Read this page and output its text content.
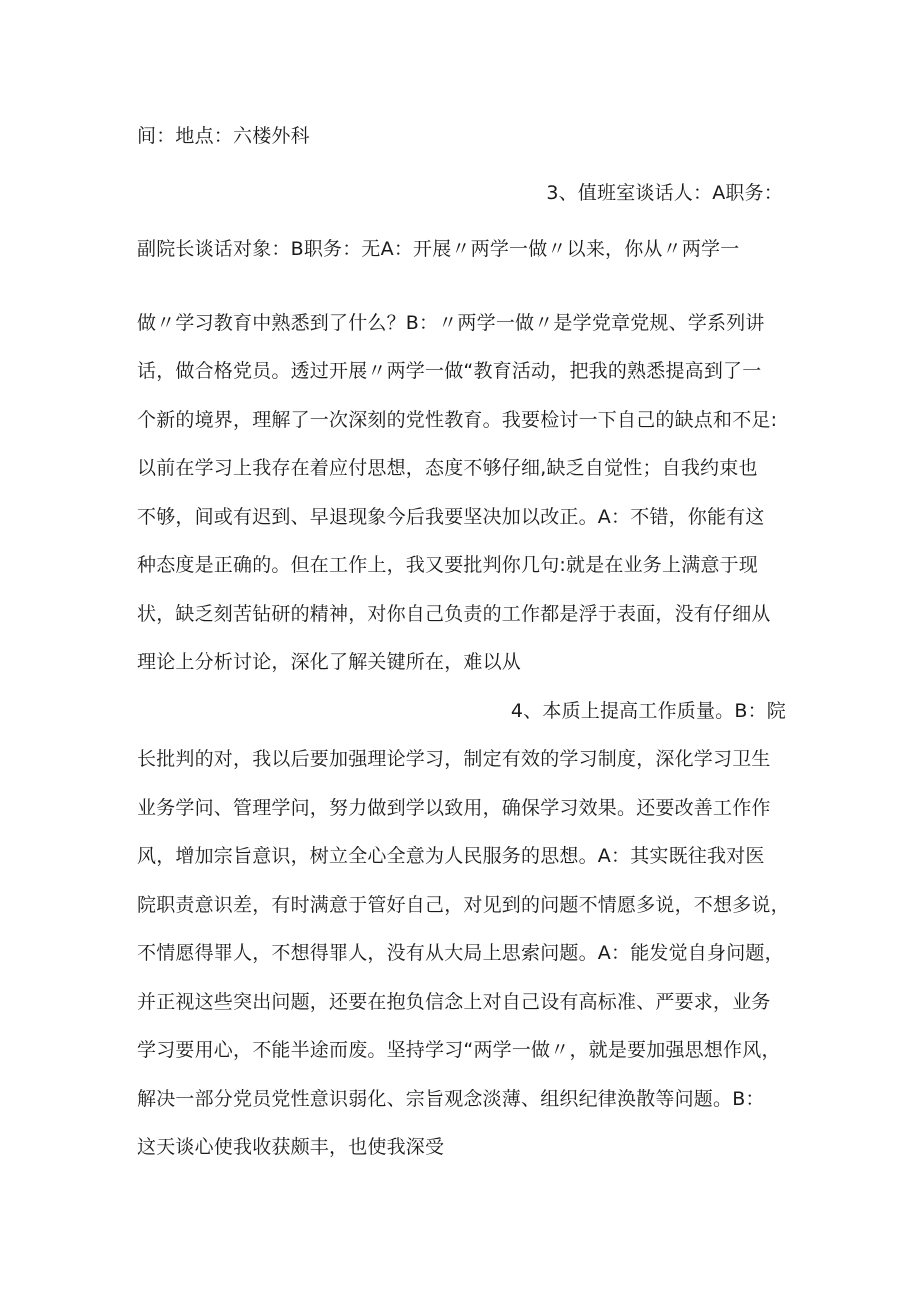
间：地点：六楼外科
3、值班室谈话人：A职务：
副院长谈话对象：B职务：无A：开展〃两学一做〃以来，你从〃两学一
做〃学习教育中熟悉到了什么？B：〃两学一做〃是学党章党规、学系列讲
话，做合格党员。透过开展〃两学一做“教育活动，把我的熟悉提高到了一
个新的境界，理解了一次深刻的党性教育。我要检讨一下自己的缺点和不足:
以前在学习上我存在着应付思想，态度不够仔细,缺乏自觉性；自我约束也
不够，间或有迟到、早退现象今后我要坚决加以改正。A：不错，你能有这
种态度是正确的。但在工作上，我又要批判你几句:就是在业务上满意于现
状，缺乏刻苦钻研的精神，对你自己负责的工作都是浮于表面，没有仔细从
理论上分析讨论，深化了解关键所在，难以从
4、本质上提高工作质量。B：院
长批判的对，我以后要加强理论学习，制定有效的学习制度，深化学习卫生
业务学问、管理学问，努力做到学以致用，确保学习效果。还要改善工作作
风，增加宗旨意识，树立全心全意为人民服务的思想。A：其实既往我对医
院职责意识差，有时满意于管好自己，对见到的问题不情愿多说，不想多说，
不情愿得罪人，不想得罪人，没有从大局上思索问题。A：能发觉自身问题，
并正视这些突出问题，还要在抱负信念上对自己设有高标准、严要求，业务
学习要用心，不能半途而废。坚持学习“两学一做〃，就是要加强思想作风，
解决一部分党员党性意识弱化、宗旨观念淡薄、组织纪律涣散等问题。B：
这天谈心使我收获颇丰，也使我深受
